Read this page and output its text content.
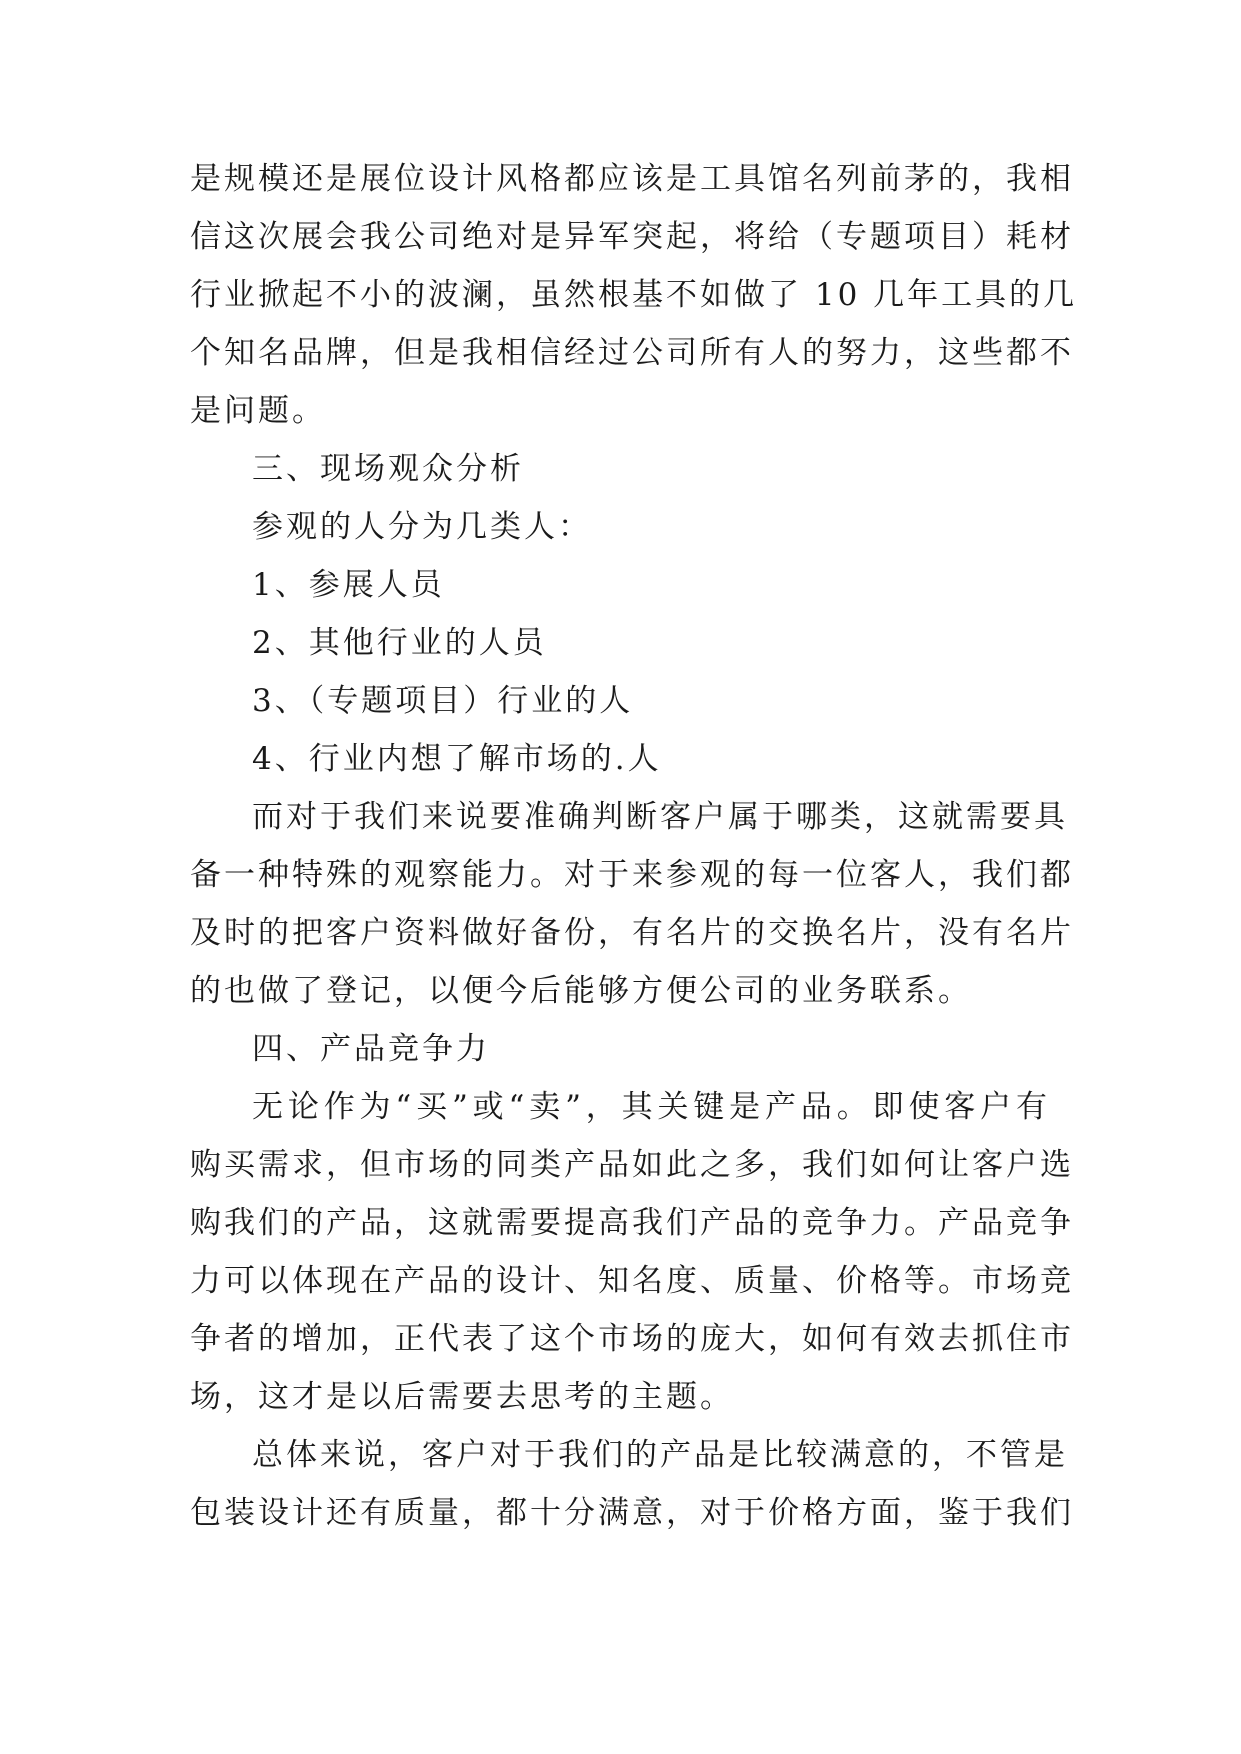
是规模还是展位设计风格都应该是工具馆名列前茅的，我相
信这次展会我公司绝对是异军突起，将给（专题项目）耗材
行业掀起不小的波澜，虽然根基不如做了 10 几年工具的几
个知名品牌，但是我相信经过公司所有人的努力，这些都不
是问题。
三、现场观众分析
参观的人分为几类人：
1、参展人员
2、其他行业的人员
3、（专题项目）行业的人
4、行业内想了解市场的.人
而对于我们来说要准确判断客户属于哪类，这就需要具
备一种特殊的观察能力。对于来参观的每一位客人，我们都
及时的把客户资料做好备份，有名片的交换名片，没有名片
的也做了登记，以便今后能够方便公司的业务联系。
四、产品竞争力
无论作为“买”或“卖”，其关键是产品。即使客户有
购买需求，但市场的同类产品如此之多，我们如何让客户选
购我们的产品，这就需要提高我们产品的竞争力。产品竞争
力可以体现在产品的设计、知名度、质量、价格等。市场竞
争者的增加，正代表了这个市场的庞大，如何有效去抓住市
场，这才是以后需要去思考的主题。
总体来说，客户对于我们的产品是比较满意的，不管是
包装设计还有质量，都十分满意，对于价格方面，鉴于我们
